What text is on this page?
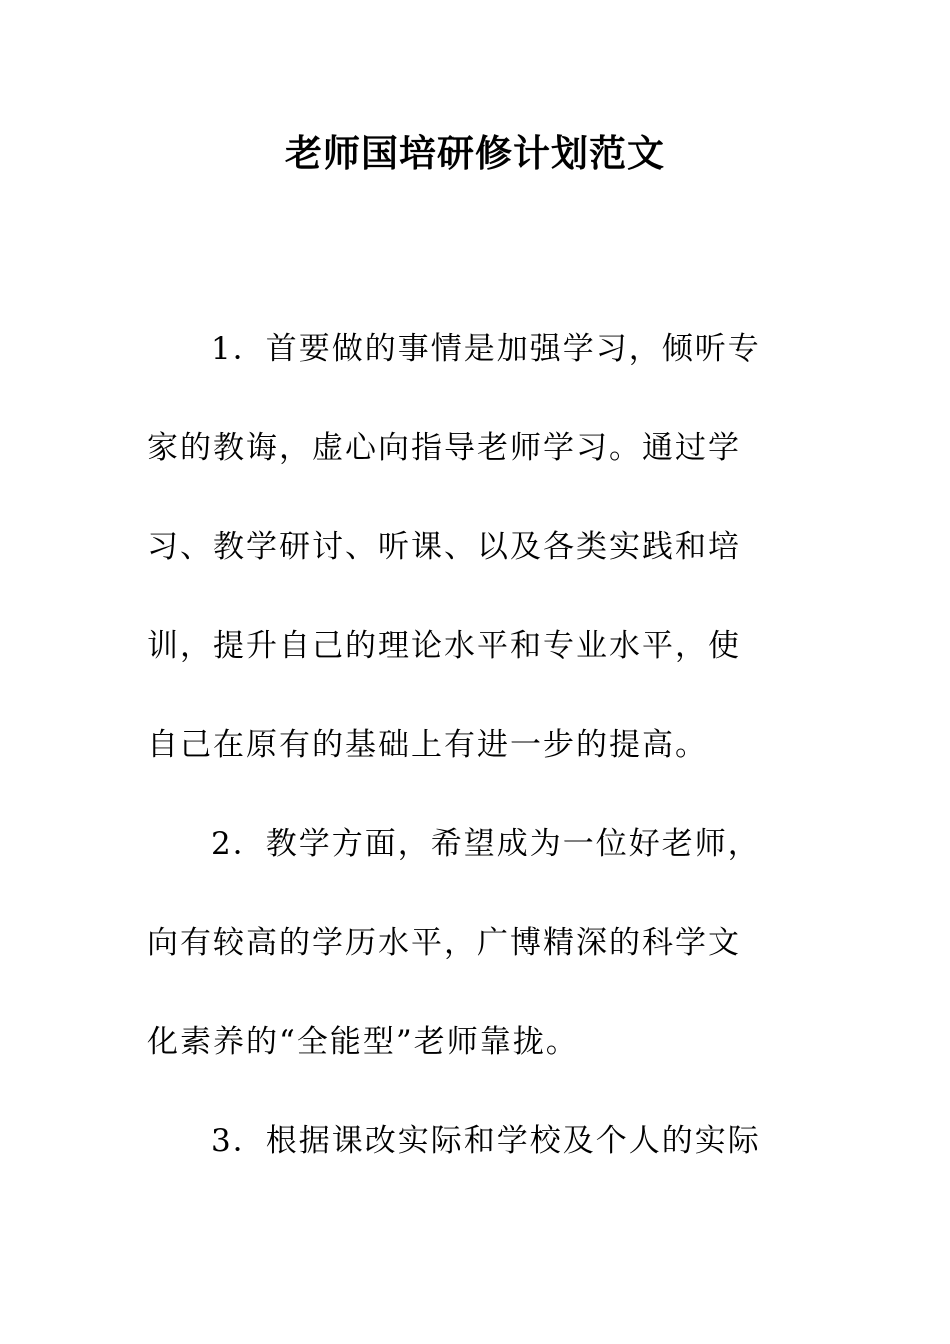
老师国培研修计划范文
1．首要做的事情是加强学习，倾听专
家的教诲，虚心向指导老师学习。通过学
习、教学研讨、听课、以及各类实践和培
训，提升自己的理论水平和专业水平，使
自己在原有的基础上有进一步的提高。
2．教学方面，希望成为一位好老师，
向有较高的学历水平，广博精深的科学文
化素养的“全能型”老师靠拢。
3．根据课改实际和学校及个人的实际
